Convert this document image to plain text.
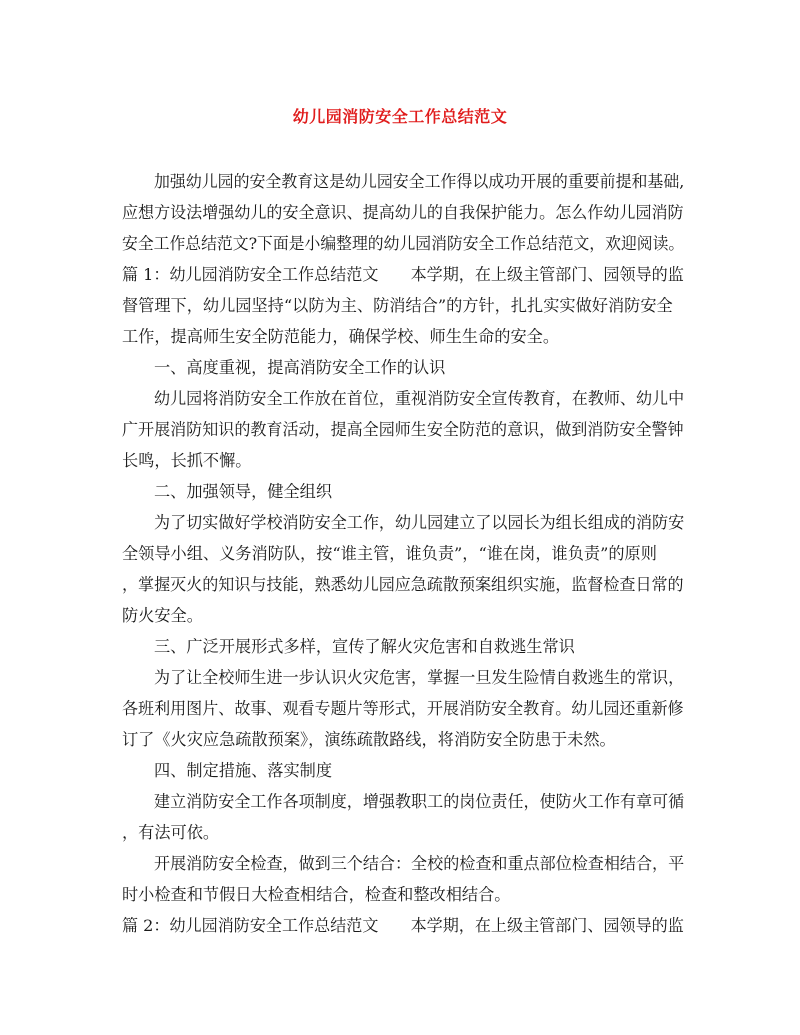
幼儿园消防安全工作总结范文
加强幼儿园的安全教育这是幼儿园安全工作得以成功开展的重要前提和基础,
应想方设法增强幼儿的安全意识、提高幼儿的自我保护能力。怎么作幼儿园消防
安全工作总结范文?下面是小编整理的幼儿园消防安全工作总结范文，欢迎阅读。
篇 1：幼儿园消防安全工作总结范文　　本学期，在上级主管部门、园领导的监
督管理下，幼儿园坚持“以防为主、防消结合”的方针，扎扎实实做好消防安全
工作，提高师生安全防范能力，确保学校、师生生命的安全。
一、高度重视，提高消防安全工作的认识
幼儿园将消防安全工作放在首位，重视消防安全宣传教育，在教师、幼儿中
广开展消防知识的教育活动，提高全园师生安全防范的意识，做到消防安全警钟
长鸣，长抓不懈。
二、加强领导，健全组织
为了切实做好学校消防安全工作，幼儿园建立了以园长为组长组成的消防安
全领导小组、义务消防队，按“谁主管，谁负责”，“谁在岗，谁负责”的原则
，掌握灭火的知识与技能，熟悉幼儿园应急疏散预案组织实施，监督检查日常的
防火安全。
三、广泛开展形式多样，宣传了解火灾危害和自救逃生常识
为了让全校师生进一步认识火灾危害，掌握一旦发生险情自救逃生的常识，
各班利用图片、故事、观看专题片等形式，开展消防安全教育。幼儿园还重新修
订了《火灾应急疏散预案》，演练疏散路线，将消防安全防患于未然。
四、制定措施、落实制度
建立消防安全工作各项制度，增强教职工的岗位责任，使防火工作有章可循
，有法可依。
开展消防安全检查，做到三个结合：全校的检查和重点部位检查相结合，平
时小检查和节假日大检查相结合，检查和整改相结合。
篇 2：幼儿园消防安全工作总结范文　　本学期，在上级主管部门、园领导的监
